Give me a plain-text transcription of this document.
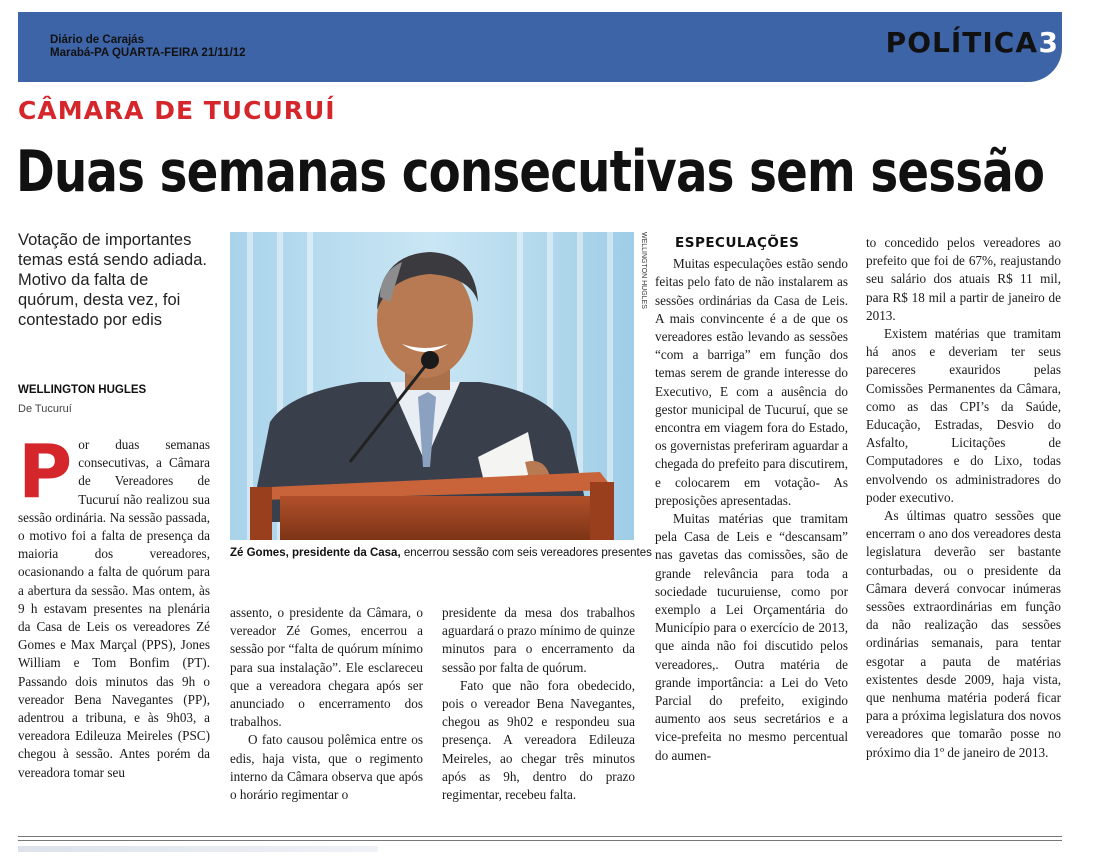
Diário de Carajás
Marabá-PA QUARTA-FEIRA 21/11/12	POLÍTICA 3
CÂMARA DE TUCURUÍ
Duas semanas consecutivas sem sessão
Votação de importantes temas está sendo adiada. Motivo da falta de quórum, desta vez, foi contestado por edis
WELLINGTON HUGLES
De Tucuruí
WELLINGTON HUGLES
Zé Gomes, presidente da Casa, encerrou sessão com seis vereadores presentes
P or duas semanas consecutivas, a Câmara de Vereadores de Tucuruí não realizou sua sessão ordinária. Na sessão passada, o motivo foi a falta de presença da maioria dos vereadores, ocasionando a falta de quórum para a abertura da sessão. Mas ontem, às 9 h estavam presentes na plenária da Casa de Leis os vereadores Zé Gomes e Max Marçal (PPS), Jones William e Tom Bonfim (PT). Passando dois minutos das 9h o vereador Bena Navegantes (PP), adentrou a tribuna, e às 9h03, a vereadora Edileuza Meireles (PSC) chegou à sessão. Antes porém da vereadora tomar seu

assento, o presidente da Câmara, o vereador Zé Gomes, encerrou a sessão por “falta de quórum mínimo para sua instalação”. Ele esclareceu que a vereadora chegara após ser anunciado o encerramento dos trabalhos.

O fato causou polêmica entre os edis, haja vista, que o regimento interno da Câmara observa que após o horário regimentar o

presidente da mesa dos trabalhos aguardará o prazo mínimo de quinze minutos para o encerramento da sessão por falta de quórum.

Fato que não fora obedecido, pois o vereador Bena Navegantes, chegou as 9h02 e respondeu sua presença. A vereadora Edileuza Meireles, ao chegar três minutos após as 9h, dentro do prazo regimentar, recebeu falta.

ESPECULAÇÕES

Muitas especulações estão sendo feitas pelo fato de não instalarem as sessões ordinárias da Casa de Leis. A mais convincente é a de que os vereadores estão levando as sessões “com a barriga” em função dos temas serem de grande interesse do Executivo, E com a ausência do gestor municipal de Tucuruí, que se encontra em viagem fora do Estado, os governistas preferiram aguardar a chegada do prefeito para discutirem, e colocarem em votação- As preposições apresentadas.

Muitas matérias que tramitam pela Casa de Leis e “descansam” nas gavetas das comissões, são de grande relevância para toda a sociedade tucuruiense, como por exemplo a Lei Orçamentária do Município para o exercício de 2013, que ainda não foi discutido pelos vereadores,. Outra matéria de grande importância: a Lei do Veto Parcial do prefeito, exigindo aumento aos seus secretários e a vice-prefeita no mesmo percentual do aumen-

to concedido pelos vereadores ao prefeito que foi de 67%, reajustando seu salário dos atuais R$ 11 mil, para R$ 18 mil a partir de janeiro de 2013.

Existem matérias que tramitam há anos e deveriam ter seus pareceres exauridos pelas Comissões Permanentes da Câmara, como as das CPI’s da Saúde, Educação, Estradas, Desvio do Asfalto, Licitações de Computadores e do Lixo, todas envolvendo os administradores do poder executivo.

As últimas quatro sessões que encerram o ano dos vereadores desta legislatura deverão ser bastante conturbadas, ou o presidente da Câmara deverá convocar inúmeras sessões extraordinárias em função da não realização das sessões ordinárias semanais, para tentar esgotar a pauta de matérias existentes desde 2009, haja vista, que nenhuma matéria poderá ficar para a próxima legislatura dos novos vereadores que tomarão posse no próximo dia 1º de janeiro de 2013.
